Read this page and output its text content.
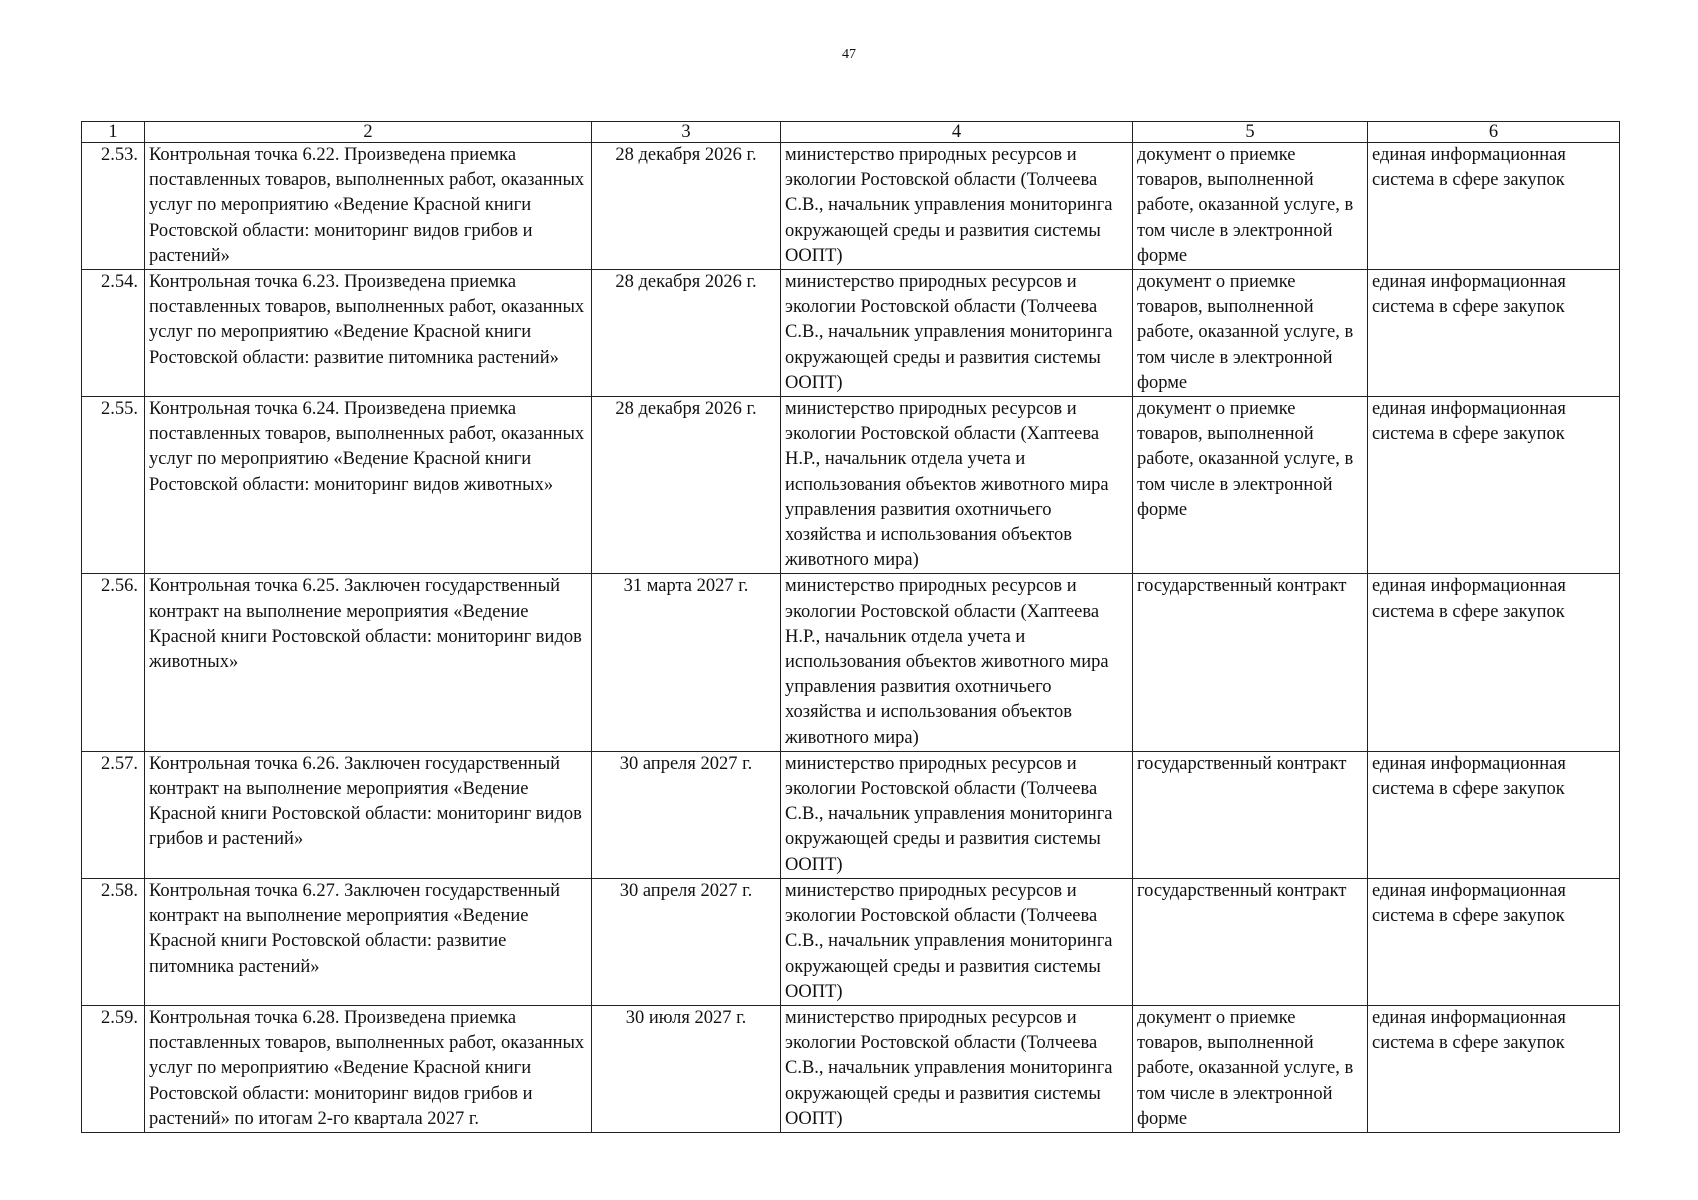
47
1	2	3	4	5	6
2.53.	Контрольная точка 6.22. Произведена приемка поставленных товаров, выполненных работ, оказанных услуг по мероприятию «Ведение Красной книги Ростовской области: мониторинг видов грибов и растений»	28 декабря 2026 г.	министерство природных ресурсов и экологии Ростовской области (Толчеева С.В., начальник управления мониторинга окружающей среды и развития системы ООПТ)	документ о приемке товаров, выполненной работе, оказанной услуге, в том числе в электронной форме	единая информационная система в сфере закупок
2.54.	Контрольная точка 6.23. Произведена приемка поставленных товаров, выполненных работ, оказанных услуг по мероприятию «Ведение Красной книги Ростовской области: развитие питомника растений»	28 декабря 2026 г.	министерство природных ресурсов и экологии Ростовской области (Толчеева С.В., начальник управления мониторинга окружающей среды и развития системы ООПТ)	документ о приемке товаров, выполненной работе, оказанной услуге, в том числе в электронной форме	единая информационная система в сфере закупок
2.55.	Контрольная точка 6.24. Произведена приемка поставленных товаров, выполненных работ, оказанных услуг по мероприятию «Ведение Красной книги Ростовской области: мониторинг видов животных»	28 декабря 2026 г.	министерство природных ресурсов и экологии Ростовской области (Хаптеева Н.Р., начальник отдела учета и использования объектов животного мира управления развития охотничьего хозяйства и использования объектов животного мира)	документ о приемке товаров, выполненной работе, оказанной услуге, в том числе в электронной форме	единая информационная система в сфере закупок
2.56.	Контрольная точка 6.25. Заключен государственный контракт на выполнение мероприятия «Ведение Красной книги Ростовской области: мониторинг видов животных»	31 марта 2027 г.	министерство природных ресурсов и экологии Ростовской области (Хаптеева Н.Р., начальник отдела учета и использования объектов животного мира управления развития охотничьего хозяйства и использования объектов животного мира)	государственный контракт	единая информационная система в сфере закупок
2.57.	Контрольная точка 6.26. Заключен государственный контракт на выполнение мероприятия «Ведение Красной книги Ростовской области: мониторинг видов грибов и растений»	30 апреля 2027 г.	министерство природных ресурсов и экологии Ростовской области (Толчеева С.В., начальник управления мониторинга окружающей среды и развития системы ООПТ)	государственный контракт	единая информационная система в сфере закупок
2.58.	Контрольная точка 6.27. Заключен государственный контракт на выполнение мероприятия «Ведение Красной книги Ростовской области: развитие питомника растений»	30 апреля 2027 г.	министерство природных ресурсов и экологии Ростовской области (Толчеева С.В., начальник управления мониторинга окружающей среды и развития системы ООПТ)	государственный контракт	единая информационная система в сфере закупок
2.59.	Контрольная точка 6.28. Произведена приемка поставленных товаров, выполненных работ, оказанных услуг по мероприятию «Ведение Красной книги Ростовской области: мониторинг видов грибов и растений» по итогам 2-го квартала 2027 г.	30 июля 2027 г.	министерство природных ресурсов и экологии Ростовской области (Толчеева С.В., начальник управления мониторинга окружающей среды и развития системы ООПТ)	документ о приемке товаров, выполненной работе, оказанной услуге, в том числе в электронной форме	единая информационная система в сфере закупок
